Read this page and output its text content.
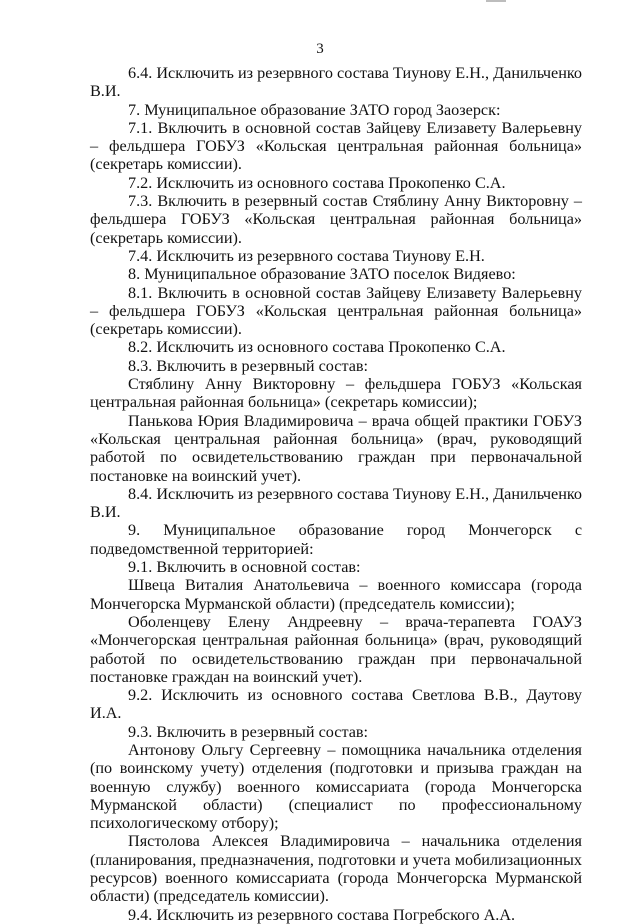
3

6.4. Исключить из резервного состава Тиунову Е.Н., Данильченко В.И.

7. Муниципальное образование ЗАТО город Заозерск:

7.1. Включить в основной состав Зайцеву Елизавету Валерьевну – фельдшера ГОБУЗ «Кольская центральная районная больница» (секретарь комиссии).

7.2. Исключить из основного состава Прокопенко С.А.

7.3. Включить в резервный состав Стяблину Анну Викторовну – фельдшера ГОБУЗ «Кольская центральная районная больница» (секретарь комиссии).

7.4. Исключить из резервного состава Тиунову Е.Н.

8. Муниципальное образование ЗАТО поселок Видяево:

8.1. Включить в основной состав Зайцеву Елизавету Валерьевну – фельдшера ГОБУЗ «Кольская центральная районная больница» (секретарь комиссии).

8.2. Исключить из основного состава Прокопенко С.А.

8.3. Включить в резервный состав:

Стяблину Анну Викторовну – фельдшера ГОБУЗ «Кольская центральная районная больница» (секретарь комиссии);

Панькова Юрия Владимировича – врача общей практики ГОБУЗ «Кольская центральная районная больница» (врач, руководящий работой по освидетельствованию граждан при первоначальной постановке на воинский учет).

8.4. Исключить из резервного состава Тиунову Е.Н., Данильченко В.И.

9. Муниципальное образование город Мончегорск с подведомственной территорией:

9.1. Включить в основной состав:

Швеца Виталия Анатольевича – военного комиссара (города Мончегорска Мурманской области) (председатель комиссии);

Оболенцеву Елену Андреевну – врача-терапевта ГОАУЗ «Мончегорская центральная районная больница» (врач, руководящий работой по освидетельствованию граждан при первоначальной постановке граждан на воинский учет).

9.2. Исключить из основного состава Светлова В.В., Даутову И.А.

9.3. Включить в резервный состав:

Антонову Ольгу Сергеевну – помощника начальника отделения (по воинскому учету) отделения (подготовки и призыва граждан на военную службу) военного комиссариата (города Мончегорска Мурманской области) (специалист по профессиональному психологическому отбору);

Пястолова Алексея Владимировича – начальника отделения (планирования, предназначения, подготовки и учета мобилизационных ресурсов) военного комиссариата (города Мончегорска Мурманской области) (председатель комиссии).

9.4. Исключить из резервного состава Погребского А.А.
